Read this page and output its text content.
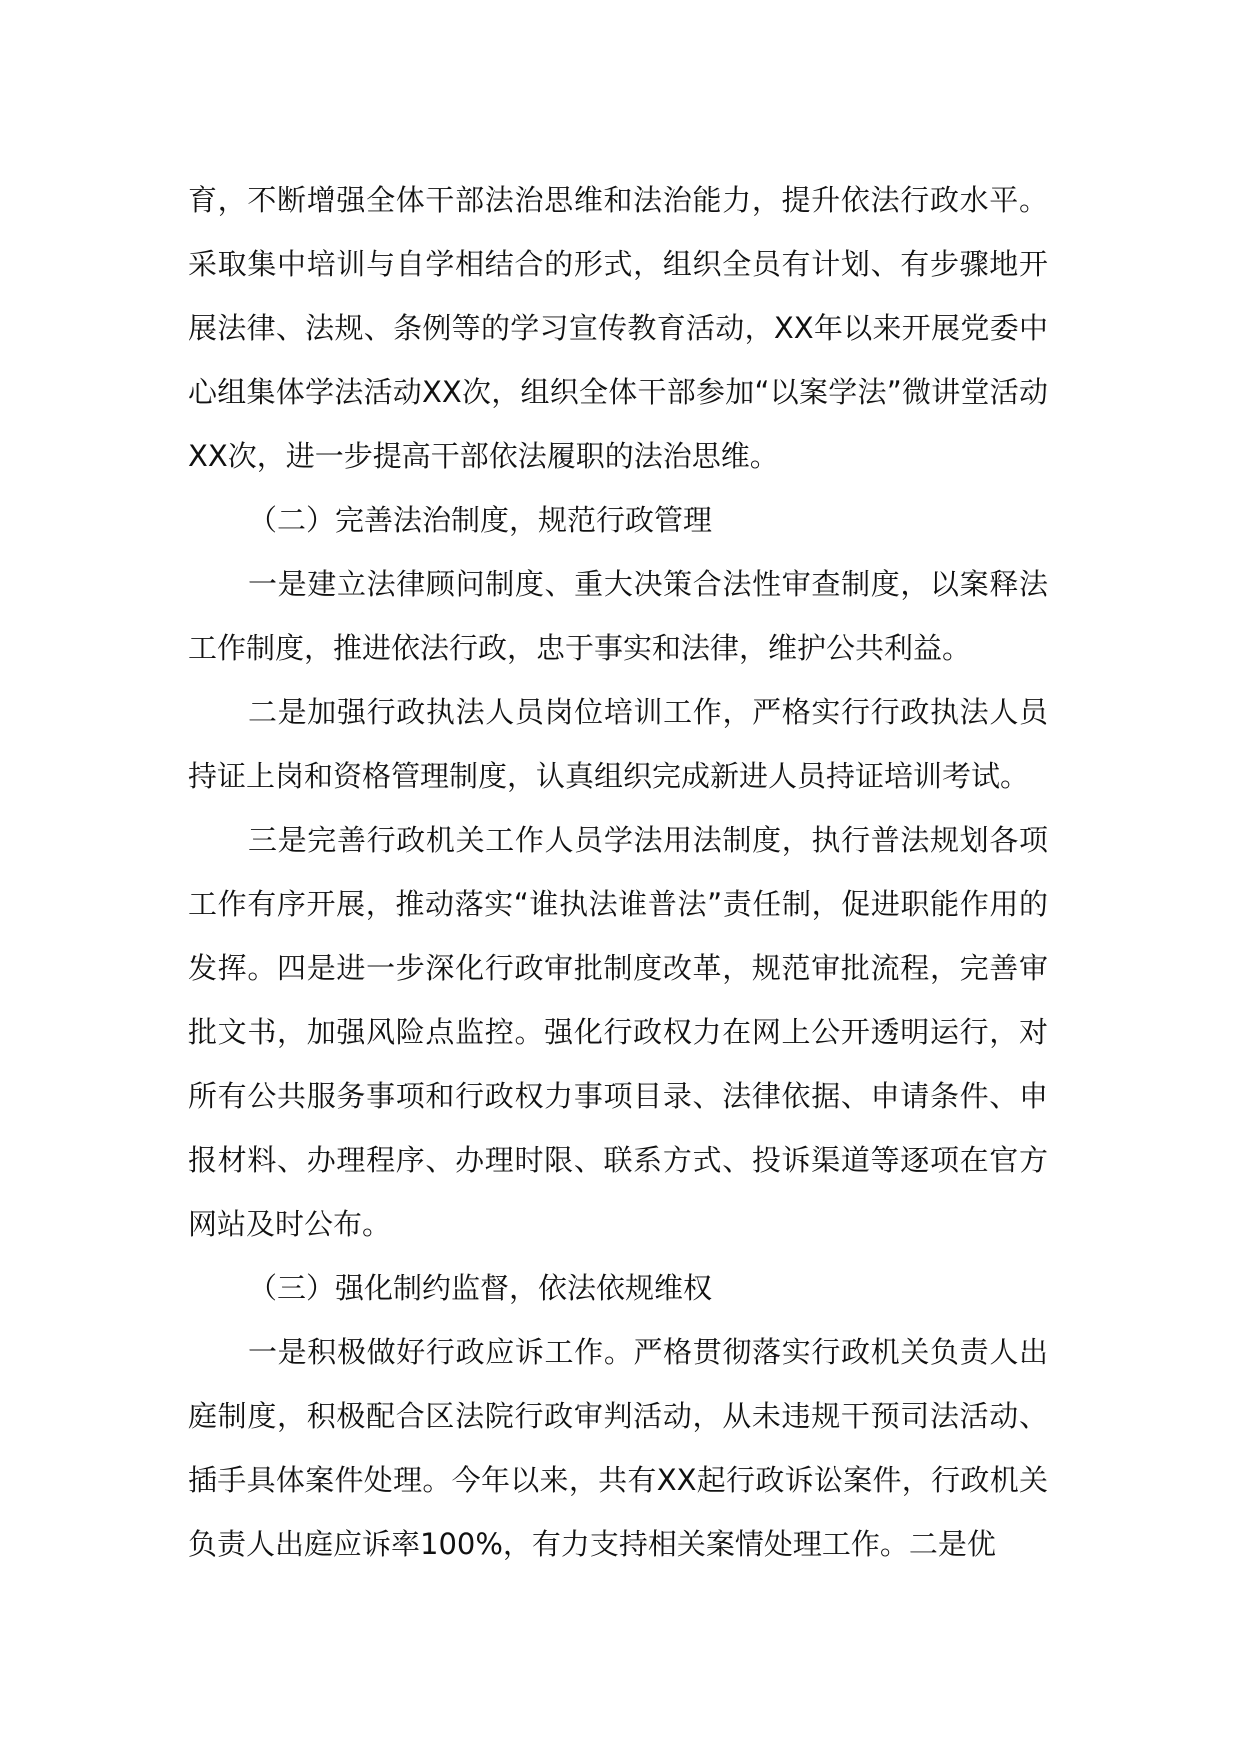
育，不断增强全体干部法治思维和法治能力，提升依法行政水平。采取集中培训与自学相结合的形式，组织全员有计划、有步骤地开展法律、法规、条例等的学习宣传教育活动，XX年以来开展党委中心组集体学法活动XX次，组织全体干部参加“以案学法”微讲堂活动XX次，进一步提高干部依法履职的法治思维。

（二）完善法治制度，规范行政管理

一是建立法律顾问制度、重大决策合法性审查制度，以案释法工作制度，推进依法行政，忠于事实和法律，维护公共利益。

二是加强行政执法人员岗位培训工作，严格实行行政执法人员持证上岗和资格管理制度，认真组织完成新进人员持证培训考试。

三是完善行政机关工作人员学法用法制度，执行普法规划各项工作有序开展，推动落实“谁执法谁普法”责任制，促进职能作用的发挥。四是进一步深化行政审批制度改革，规范审批流程，完善审批文书，加强风险点监控。强化行政权力在网上公开透明运行，对所有公共服务事项和行政权力事项目录、法律依据、申请条件、申报材料、办理程序、办理时限、联系方式、投诉渠道等逐项在官方网站及时公布。

（三）强化制约监督，依法依规维权

一是积极做好行政应诉工作。严格贯彻落实行政机关负责人出庭制度，积极配合区法院行政审判活动，从未违规干预司法活动、插手具体案件处理。今年以来，共有XX起行政诉讼案件，行政机关负责人出庭应诉率100%，有力支持相关案情处理工作。二是优
